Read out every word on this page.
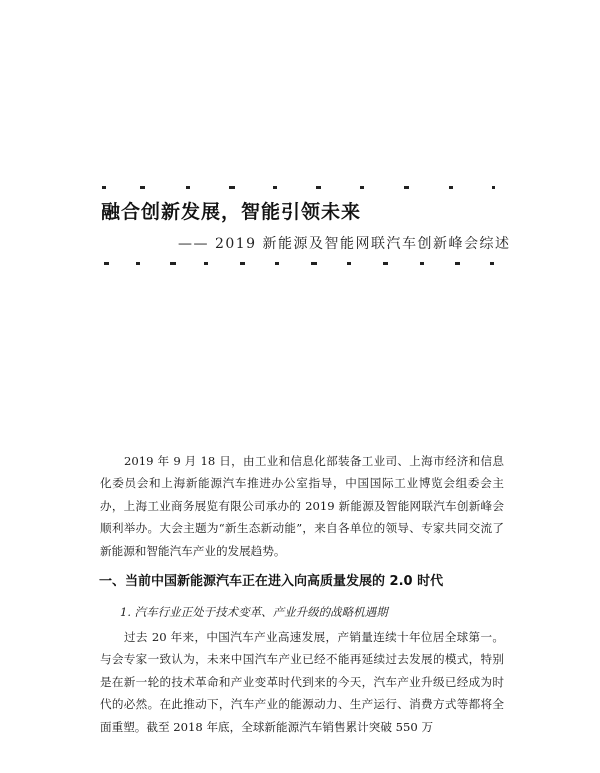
融合创新发展，智能引领未来
—— 2019 新能源及智能网联汽车创新峰会综述

2019 年 9 月 18 日，由工业和信息化部装备工业司、上海市经济和信息化委员会和上海新能源汽车推进办公室指导，中国国际工业博览会组委会主办，上海工业商务展览有限公司承办的 2019 新能源及智能网联汽车创新峰会顺利举办。大会主题为“新生态新动能”，来自各单位的领导、专家共同交流了新能源和智能汽车产业的发展趋势。

一、当前中国新能源汽车正在进入向高质量发展的 2.0 时代
1. 汽车行业正处于技术变革、产业升级的战略机遇期

过去 20 年来，中国汽车产业高速发展，产销量连续十年位居全球第一。与会专家一致认为，未来中国汽车产业已经不能再延续过去发展的模式，特别是在新一轮的技术革命和产业变革时代到来的今天，汽车产业升级已经成为时代的必然。在此推动下，汽车产业的能源动力、生产运行、消费方式等都将全面重塑。截至 2018 年底，全球新能源汽车销售累计突破 550 万
